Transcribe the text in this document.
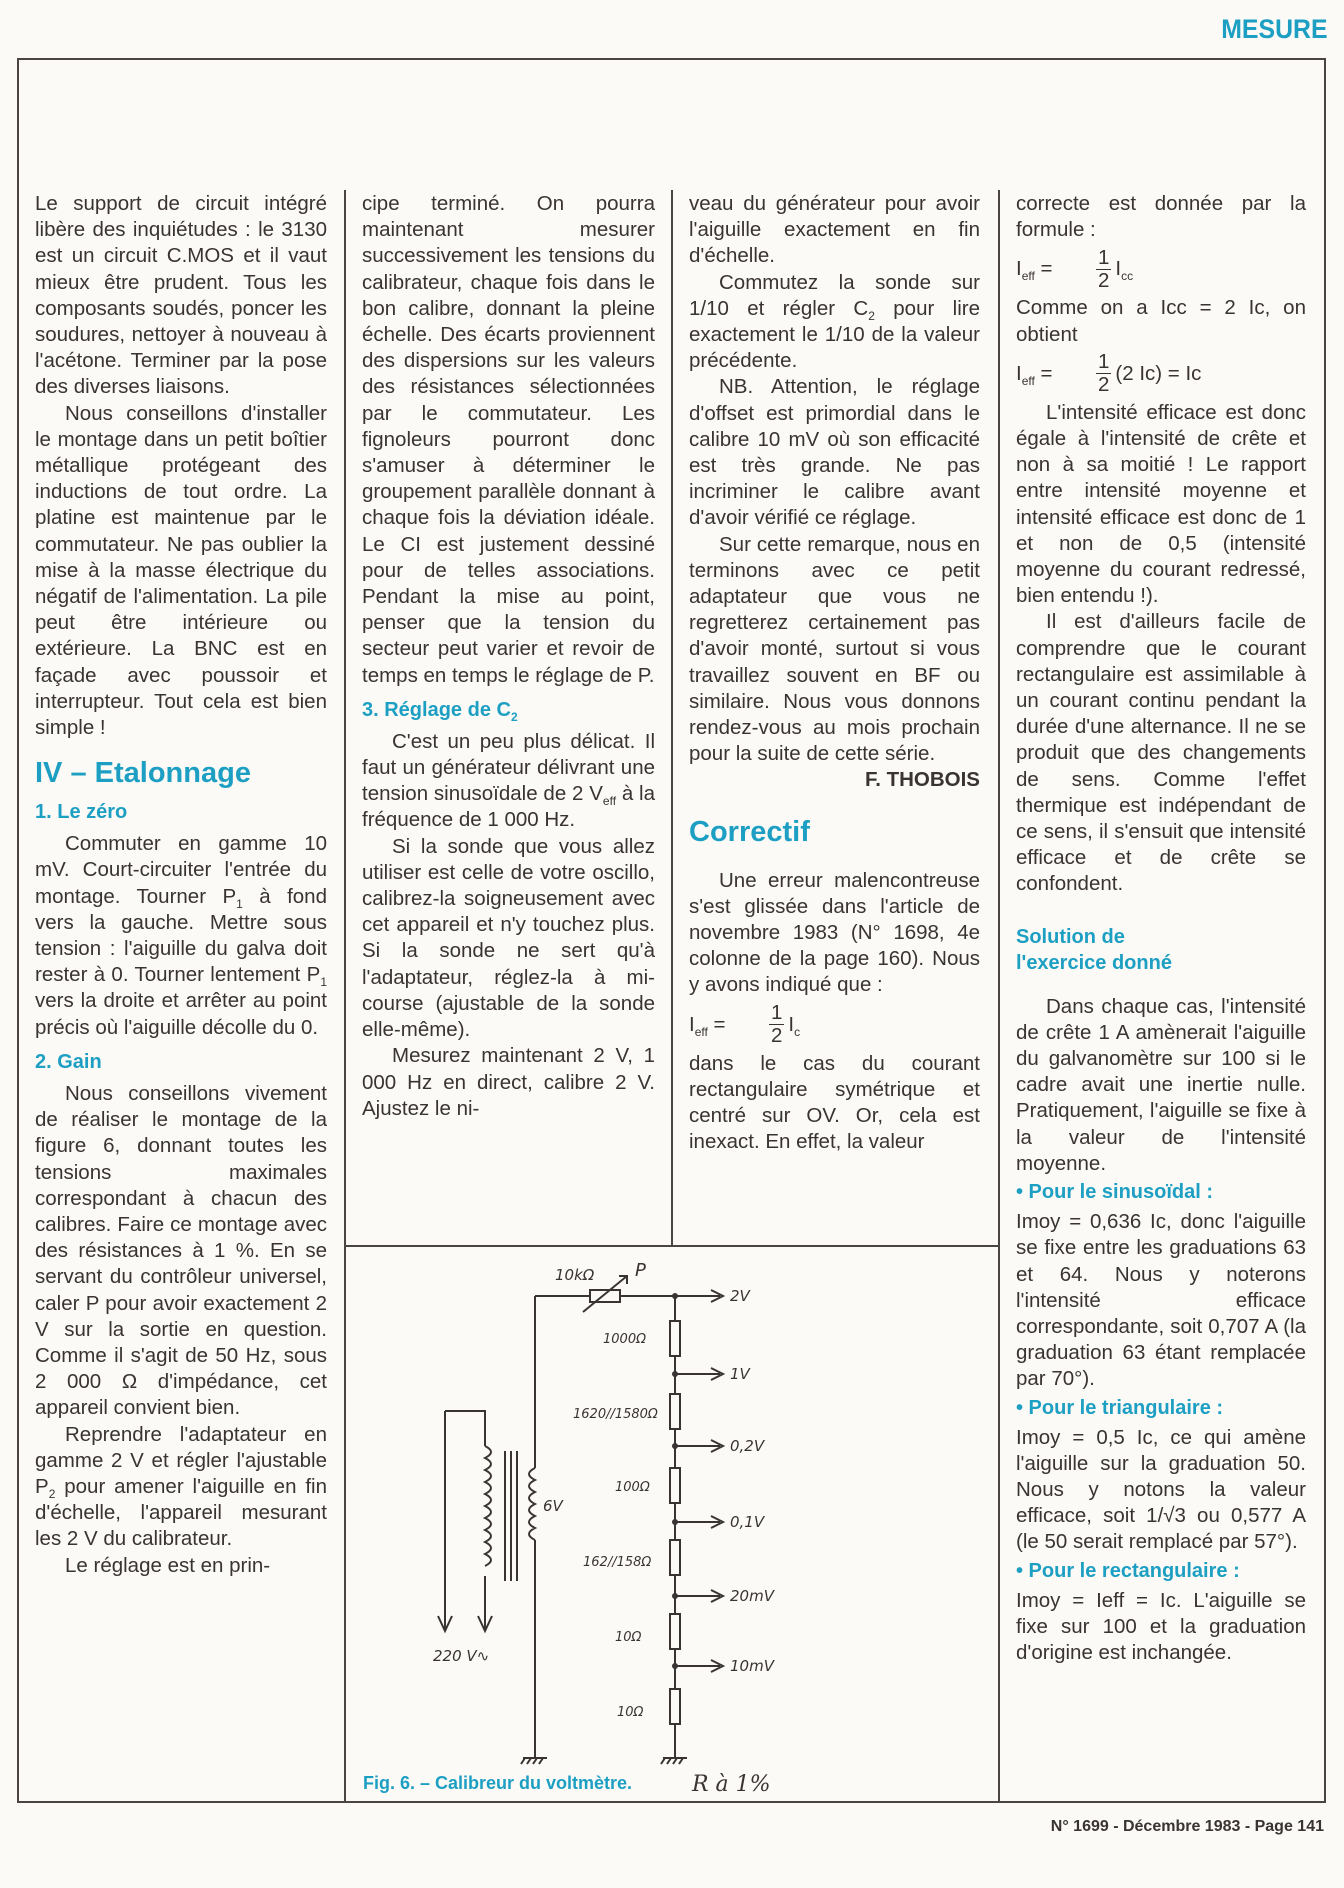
MESURE

Le support de circuit intégré libère des inquiétudes : le 3130 est un circuit C.MOS et il vaut mieux être prudent. Tous les composants soudés, poncer les soudures, nettoyer à nouveau à l'acétone. Terminer par la pose des diverses liaisons.

Nous conseillons d'installer le montage dans un petit boîtier métallique protégeant des inductions de tout ordre. La platine est maintenue par le commutateur. Ne pas oublier la mise à la masse électrique du négatif de l'alimentation. La pile peut être intérieure ou extérieure. La BNC est en façade avec poussoir et interrupteur. Tout cela est bien simple !

IV – Etalonnage

1. Le zéro

Commuter en gamme 10 mV. Court-circuiter l'entrée du montage. Tourner $P_1$ à fond vers la gauche. Mettre sous tension : l'aiguille du galva doit rester à 0. Tourner lentement $P_1$ vers la droite et arrêter au point précis où l'aiguille décolle du 0.

2. Gain

Nous conseillons vivement de réaliser le montage de la figure 6, donnant toutes les tensions maximales correspondant à chacun des calibres. Faire ce montage avec des résistances à 1 %. En se servant du contrôleur universel, caler P pour avoir exactement 2 V sur la sortie en question. Comme il s'agit de 50 Hz, sous 2 000 Ω d'impédance, cet appareil convient bien.

Reprendre l'adaptateur en gamme 2 V et régler l'ajustable $P_2$ pour amener l'aiguille en fin d'échelle, l'appareil mesurant les 2 V du calibrateur.

Le réglage est en prin-

cipe terminé. On pourra maintenant mesurer successivement les tensions du calibrateur, chaque fois dans le bon calibre, donnant la pleine échelle. Des écarts proviennent des dispersions sur les valeurs des résistances sélectionnées par le commutateur. Les fignoleurs pourront donc s'amuser à déterminer le groupement parallèle donnant à chaque fois la déviation idéale. Le CI est justement dessiné pour de telles associations. Pendant la mise au point, penser que la tension du secteur peut varier et revoir de temps en temps le réglage de P.

3. Réglage de $C_2$

C'est un peu plus délicat. Il faut un générateur délivrant une tension sinusoïdale de 2 $V_{eff}$ à la fréquence de 1 000 Hz.

Si la sonde que vous allez utiliser est celle de votre oscillo, calibrez-la soigneusement avec cet appareil et n'y touchez plus. Si la sonde ne sert qu'à l'adaptateur, réglez-la à mi-course (ajustable de la sonde elle-même).

Mesurez maintenant 2 V, 1 000 Hz en direct, calibre 2 V. Ajustez le ni-

veau du générateur pour avoir l'aiguille exactement en fin d'échelle.

Commutez la sonde sur 1/10 et régler $C_2$ pour lire exactement le 1/10 de la valeur précédente.

NB. Attention, le réglage d'offset est primordial dans le calibre 10 mV où son efficacité est très grande. Ne pas incriminer le calibre avant d'avoir vérifié ce réglage.

Sur cette remarque, nous en terminons avec ce petit adaptateur que vous ne regretterez certainement pas d'avoir monté, surtout si vous travaillez souvent en BF ou similaire. Nous vous donnons rendez-vous au mois prochain pour la suite de cette série.

F. THOBOIS

Correctif

Une erreur malencontreuse s'est glissée dans l'article de novembre 1983 (N° 1698, 4e colonne de la page 160). Nous y avons indiqué que :

$I_{eff}$ =	$\frac{1}{2} I_c$

dans le cas du courant rectangulaire symétrique et centré sur OV. Or, cela est inexact. En effet, la valeur

correcte est donnée par la formule :

$I_{eff}$ =	$\frac{1}{2} I_{cc}$

Comme on a Icc = 2 Ic, on obtient

$I_{eff}$ =	$\frac{1}{2} (2$ Ic) = Ic

L'intensité efficace est donc égale à l'intensité de crête et non à sa moitié ! Le rapport entre intensité moyenne et intensité efficace est donc de 1 et non de 0,5 (intensité moyenne du courant redressé, bien entendu !).

Il est d'ailleurs facile de comprendre que le courant rectangulaire est assimilable à un courant continu pendant la durée d'une alternance. Il ne se produit que des changements de sens. Comme l'effet thermique est indépendant de ce sens, il s'ensuit que intensité efficace et de crête se confondent.

Solution de l'exercice donné

Dans chaque cas, l'intensité de crête 1 A amènerait l'aiguille du galvanomètre sur 100 si le cadre avait une inertie nulle. Pratiquement, l'aiguille se fixe à la valeur de l'intensité moyenne.

• Pour le sinusoïdal :

Imoy = 0,636 Ic, donc l'aiguille se fixe entre les graduations 63 et 64. Nous y noterons l'intensité efficace correspondante, soit 0,707 A (la graduation 63 étant remplacée par 70°).

• Pour le triangulaire :

Imoy = 0,5 Ic, ce qui amène l'aiguille sur la graduation 50. Nous y notons la valeur efficace, soit 1/√3 ou 0,577 A (le 50 serait remplacé par 57°).

• Pour le rectangulaire :

Imoy = Ieff = Ic. L'aiguille se fixe sur 100 et la graduation d'origine est inchangée.

10kΩ P
6V
220 V∿
1000Ω
1620//1580Ω
100Ω
162//158Ω
10Ω
10Ω
2V
1V
0,2V
0,1V
20mV
10mV
Fig. 6. – Calibreur du voltmètre.	R à 1%
N° 1699 - Décembre 1983 - Page 141
